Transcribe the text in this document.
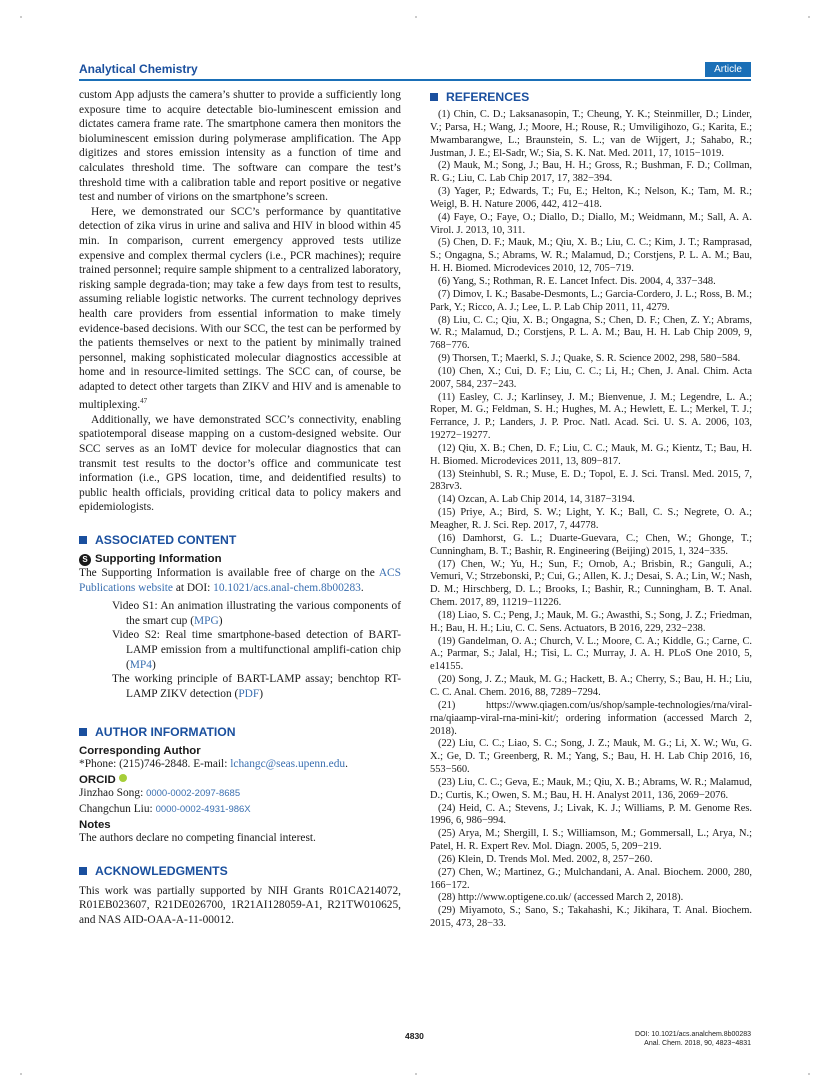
Analytical Chemistry	Article

custom App adjusts the camera’s shutter to provide a sufficiently long exposure time to acquire detectable bio-luminescent emission and dictates camera frame rate. The smartphone camera then monitors the bioluminescent emission during polymerase amplification. The App digitizes and stores emission intensity as a function of time and calculates threshold time. The software can compare the test’s threshold time with a calibration table and report positive or negative test and number of virions on the smartphone’s screen.

Here, we demonstrated our SCC’s performance by quantitative detection of zika virus in urine and saliva and HIV in blood within 45 min. In comparison, current emergency approved tests utilize expensive and complex thermal cyclers (i.e., PCR machines); require trained personnel; require sample shipment to a centralized laboratory, risking sample degrada-tion; may take a few days from test to results, assuming reliable logistic networks. The current technology deprives health care providers from essential information to make timely evidence-based decisions. With our SCC, the test can be performed by the patients themselves or next to the patient by minimally trained personnel, making sophisticated molecular diagnostics accessible at home and in resource-limited settings. The SCC can, of course, be adapted to detect other targets than ZIKV and HIV and is amenable to multiplexing.$^{47}$

Additionally, we have demonstrated SCC’s connectivity, enabling spatiotemporal disease mapping on a custom-designed website. Our SCC serves as an IoMT device for molecular diagnostics that can transmit test results to the doctor’s office and communicate test information (i.e., GPS location, time, and deidentified results) to public health officials, providing critical data to policy makers and epidemiologists.

ASSOCIATED CONTENT
S Supporting Information
The Supporting Information is available free of charge on the ACS Publications website at DOI: 10.1021/acs.anal-chem.8b00283.
Video S1: An animation illustrating the various components of the smart cup (MPG)
Video S2: Real time smartphone-based detection of BART-LAMP emission from a multifunctional amplifi-cation chip (MP4)
The working principle of BART-LAMP assay; benchtop RT-LAMP ZIKV detection (PDF)
AUTHOR INFORMATION
Corresponding Author
*Phone: (215)746-2848. E-mail: lchangc@seas.upenn.edu.
ORCID
Jinzhao Song: 0000-0002-2097-8685
Changchun Liu: 0000-0002-4931-986X
Notes
The authors declare no competing financial interest.
ACKNOWLEDGMENTS
This work was partially supported by NIH Grants R01CA214072, R01EB023607, R21DE026700, 1R21AI128059-A1, R21TW010625, and NAS AID-OAA-A-11-00012.
REFERENCES
(1) Chin, C. D.; Laksanasopin, T.; Cheung, Y. K.; Steinmiller, D.; Linder, V.; Parsa, H.; Wang, J.; Moore, H.; Rouse, R.; Umviligihozo, G.; Karita, E.; Mwambarangwe, L.; Braunstein, S. L.; van de Wijgert, J.; Sahabo, R.; Justman, J. E.; El-Sadr, W.; Sia, S. K. Nat. Med. 2011, 17, 1015−1019.
(2) Mauk, M.; Song, J.; Bau, H. H.; Gross, R.; Bushman, F. D.; Collman, R. G.; Liu, C. Lab Chip 2017, 17, 382−394.
(3) Yager, P.; Edwards, T.; Fu, E.; Helton, K.; Nelson, K.; Tam, M. R.; Weigl, B. H. Nature 2006, 442, 412−418.
(4) Faye, O.; Faye, O.; Diallo, D.; Diallo, M.; Weidmann, M.; Sall, A. A. Virol. J. 2013, 10, 311.
(5) Chen, D. F.; Mauk, M.; Qiu, X. B.; Liu, C. C.; Kim, J. T.; Ramprasad, S.; Ongagna, S.; Abrams, W. R.; Malamud, D.; Corstjens, P. L. A. M.; Bau, H. H. Biomed. Microdevices 2010, 12, 705−719.
(6) Yang, S.; Rothman, R. E. Lancet Infect. Dis. 2004, 4, 337−348.
(7) Dimov, I. K.; Basabe-Desmonts, L.; Garcia-Cordero, J. L.; Ross, B. M.; Park, Y.; Ricco, A. J.; Lee, L. P. Lab Chip 2011, 11, 4279.
(8) Liu, C. C.; Qiu, X. B.; Ongagna, S.; Chen, D. F.; Chen, Z. Y.; Abrams, W. R.; Malamud, D.; Corstjens, P. L. A. M.; Bau, H. H. Lab Chip 2009, 9, 768−776.
(9) Thorsen, T.; Maerkl, S. J.; Quake, S. R. Science 2002, 298, 580−584.
(10) Chen, X.; Cui, D. F.; Liu, C. C.; Li, H.; Chen, J. Anal. Chim. Acta 2007, 584, 237−243.
(11) Easley, C. J.; Karlinsey, J. M.; Bienvenue, J. M.; Legendre, L. A.; Roper, M. G.; Feldman, S. H.; Hughes, M. A.; Hewlett, E. L.; Merkel, T. J.; Ferrance, J. P.; Landers, J. P. Proc. Natl. Acad. Sci. U. S. A. 2006, 103, 19272−19277.
(12) Qiu, X. B.; Chen, D. F.; Liu, C. C.; Mauk, M. G.; Kientz, T.; Bau, H. H. Biomed. Microdevices 2011, 13, 809−817.
(13) Steinhubl, S. R.; Muse, E. D.; Topol, E. J. Sci. Transl. Med. 2015, 7, 283rv3.
(14) Ozcan, A. Lab Chip 2014, 14, 3187−3194.
(15) Priye, A.; Bird, S. W.; Light, Y. K.; Ball, C. S.; Negrete, O. A.; Meagher, R. J. Sci. Rep. 2017, 7, 44778.
(16) Damhorst, G. L.; Duarte-Guevara, C.; Chen, W.; Ghonge, T.; Cunningham, B. T.; Bashir, R. Engineering (Beijing) 2015, 1, 324−335.
(17) Chen, W.; Yu, H.; Sun, F.; Ornob, A.; Brisbin, R.; Ganguli, A.; Vemuri, V.; Strzebonski, P.; Cui, G.; Allen, K. J.; Desai, S. A.; Lin, W.; Nash, D. M.; Hirschberg, D. L.; Brooks, I.; Bashir, R.; Cunningham, B. T. Anal. Chem. 2017, 89, 11219−11226.
(18) Liao, S. C.; Peng, J.; Mauk, M. G.; Awasthi, S.; Song, J. Z.; Friedman, H.; Bau, H. H.; Liu, C. C. Sens. Actuators, B 2016, 229, 232−238.
(19) Gandelman, O. A.; Church, V. L.; Moore, C. A.; Kiddle, G.; Carne, C. A.; Parmar, S.; Jalal, H.; Tisi, L. C.; Murray, J. A. H. PLoS One 2010, 5, e14155.
(20) Song, J. Z.; Mauk, M. G.; Hackett, B. A.; Cherry, S.; Bau, H. H.; Liu, C. C. Anal. Chem. 2016, 88, 7289−7294.
(21) https://www.qiagen.com/us/shop/sample-technologies/rna/viral-rna/qiaamp-viral-rna-mini-kit/; ordering information (accessed March 2, 2018).
(22) Liu, C. C.; Liao, S. C.; Song, J. Z.; Mauk, M. G.; Li, X. W.; Wu, G. X.; Ge, D. T.; Greenberg, R. M.; Yang, S.; Bau, H. H. Lab Chip 2016, 16, 553−560.
(23) Liu, C. C.; Geva, E.; Mauk, M.; Qiu, X. B.; Abrams, W. R.; Malamud, D.; Curtis, K.; Owen, S. M.; Bau, H. H. Analyst 2011, 136, 2069−2076.
(24) Heid, C. A.; Stevens, J.; Livak, K. J.; Williams, P. M. Genome Res. 1996, 6, 986−994.
(25) Arya, M.; Shergill, I. S.; Williamson, M.; Gommersall, L.; Arya, N.; Patel, H. R. Expert Rev. Mol. Diagn. 2005, 5, 209−219.
(26) Klein, D. Trends Mol. Med. 2002, 8, 257−260.
(27) Chen, W.; Martinez, G.; Mulchandani, A. Anal. Biochem. 2000, 280, 166−172.
(28) http://www.optigene.co.uk/ (accessed March 2, 2018).
(29) Miyamoto, S.; Sano, S.; Takahashi, K.; Jikihara, T. Anal. Biochem. 2015, 473, 28−33.
4830	DOI: 10.1021/acs.analchem.8b00283
Anal. Chem. 2018, 90, 4823−4831
